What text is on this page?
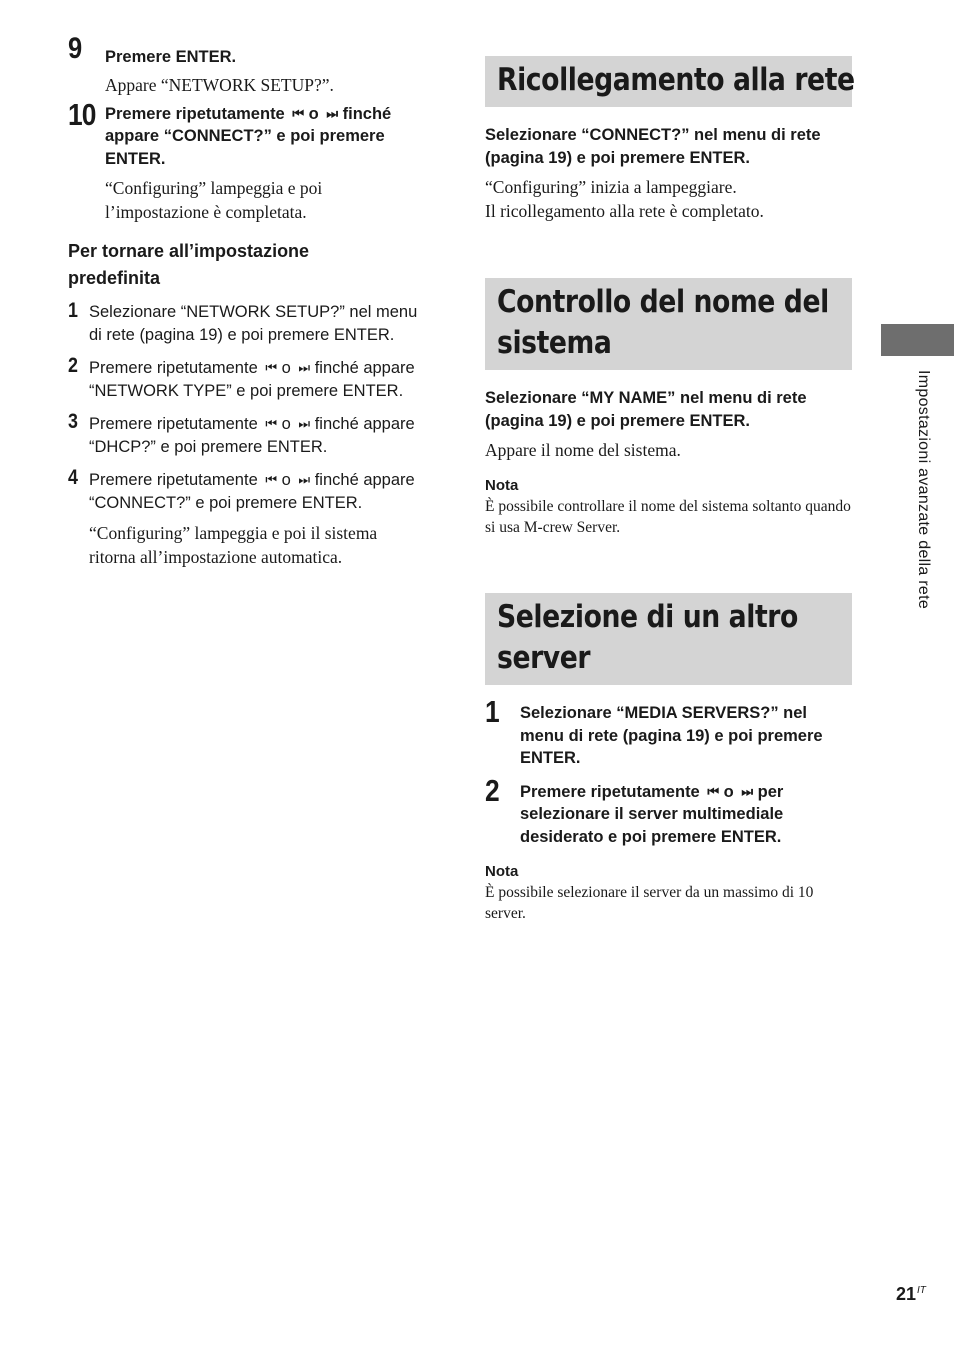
9 Premere ENTER.
Appare “NETWORK SETUP?”.
10 Premere ripetutamente ⏮ o ⏭ finché appare “CONNECT?” e poi premere ENTER.
“Configuring” lampeggia e poi l’impostazione è completata.
Per tornare all’impostazione predefinita
1 Selezionare “NETWORK SETUP?” nel menu di rete (pagina 19) e poi premere ENTER.
2 Premere ripetutamente ⏮ o ⏭ finché appare “NETWORK TYPE” e poi premere ENTER.
3 Premere ripetutamente ⏮ o ⏭ finché appare “DHCP?” e poi premere ENTER.
4 Premere ripetutamente ⏮ o ⏭ finché appare “CONNECT?” e poi premere ENTER.
“Configuring” lampeggia e poi il sistema ritorna all’impostazione automatica.
Ricollegamento alla rete
Selezionare “CONNECT?” nel menu di rete (pagina 19) e poi premere ENTER.
“Configuring” inizia a lampeggiare.
Il ricollegamento alla rete è completato.
Controllo del nome del
sistema
Selezionare “MY NAME” nel menu di rete (pagina 19) e poi premere ENTER.
Appare il nome del sistema.
Nota
È possibile controllare il nome del sistema soltanto quando si usa M-crew Server.
Selezione di un altro
server
1 Selezionare “MEDIA SERVERS?” nel menu di rete (pagina 19) e poi premere ENTER.
2 Premere ripetutamente ⏮ o ⏭ per selezionare il server multimediale desiderato e poi premere ENTER.
Nota
È possibile selezionare il server da un massimo di 10 server.
Impostazioni avanzate della rete
$21^{IT}$
